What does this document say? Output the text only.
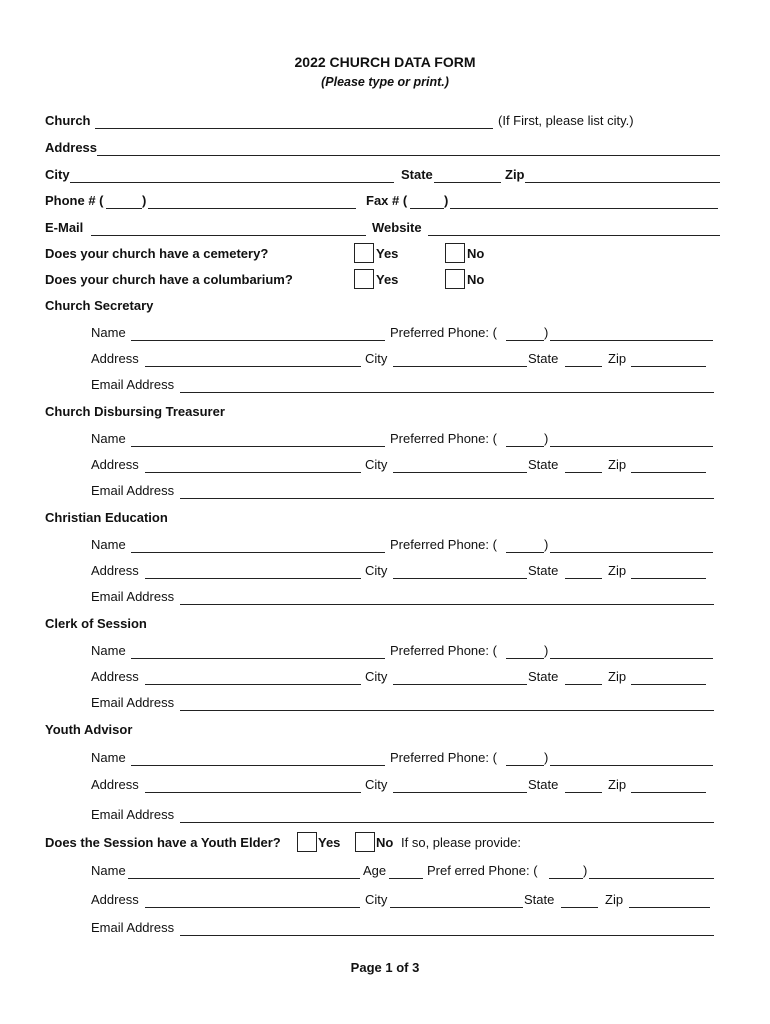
2022 CHURCH DATA FORM
(Please type or print.)
Church	(If First, please list city.)
Address
City	State	Zip
Phone # (	)	Fax # (	)
E-Mail	Website
Does your church have a cemetery?	Yes	No
Does your church have a columbarium?	Yes	No
Church Secretary
Name	Preferred Phone: (	)
Address	City	State	Zip
Email Address
Church Disbursing Treasurer
Name	Preferred Phone: (	)
Address	City	State	Zip
Email Address
Christian Education
Name	Preferred Phone: (	)
Address	City	State	Zip
Email Address
Clerk of Session
Name	Preferred Phone: (	)
Address	City	State	Zip
Email Address
Youth Advisor
Name	Preferred Phone: (	)
Address	City	State	Zip
Email Address
Does the Session have a Youth Elder?	Yes	No If so, please provide:
Name	Age	Pref erred Phone: (	)
Address	City	State	Zip
Email Address
Page 1 of 3
